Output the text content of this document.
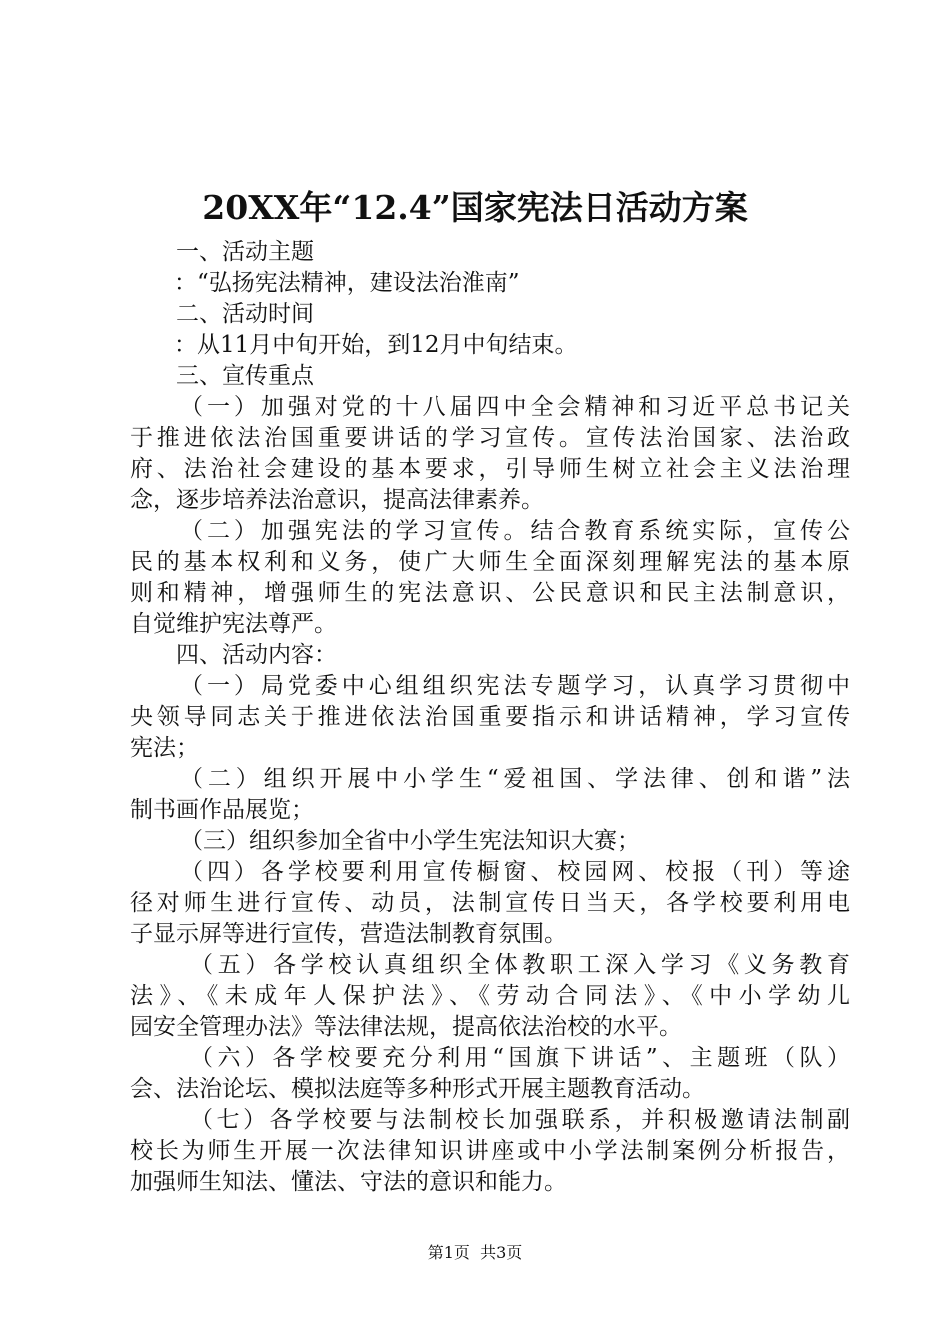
20XX年“12.4”国家宪法日活动方案
一、活动主题
：“弘扬宪法精神，建设法治淮南”
二、活动时间
：从11月中旬开始，到12月中旬结束。
三、宣传重点
（一）加强对党的十八届四中全会精神和习近平总书记关
于推进依法治国重要讲话的学习宣传。宣传法治国家、法治政
府、法治社会建设的基本要求，引导师生树立社会主义法治理
念，逐步培养法治意识，提高法律素养。
（二）加强宪法的学习宣传。结合教育系统实际，宣传公
民的基本权利和义务，使广大师生全面深刻理解宪法的基本原
则和精神，增强师生的宪法意识、公民意识和民主法制意识，
自觉维护宪法尊严。
四、活动内容：
（一）局党委中心组组织宪法专题学习，认真学习贯彻中
央领导同志关于推进依法治国重要指示和讲话精神，学习宣传
宪法；
（二）组织开展中小学生“爱祖国、学法律、创和谐”法
制书画作品展览；
（三）组织参加全省中小学生宪法知识大赛；
（四）各学校要利用宣传橱窗、校园网、校报（刊）等途
径对师生进行宣传、动员，法制宣传日当天，各学校要利用电
子显示屏等进行宣传，营造法制教育氛围。
（五）各学校认真组织全体教职工深入学习《义务教育
法》、《未成年人保护法》、《劳动合同法》、《中小学幼儿
园安全管理办法》等法律法规，提高依法治校的水平。
（六）各学校要充分利用“国旗下讲话”、主题班（队）
会、法治论坛、模拟法庭等多种形式开展主题教育活动。
（七）各学校要与法制校长加强联系，并积极邀请法制副
校长为师生开展一次法律知识讲座或中小学法制案例分析报告，
加强师生知法、懂法、守法的意识和能力。
第1页  共3页
